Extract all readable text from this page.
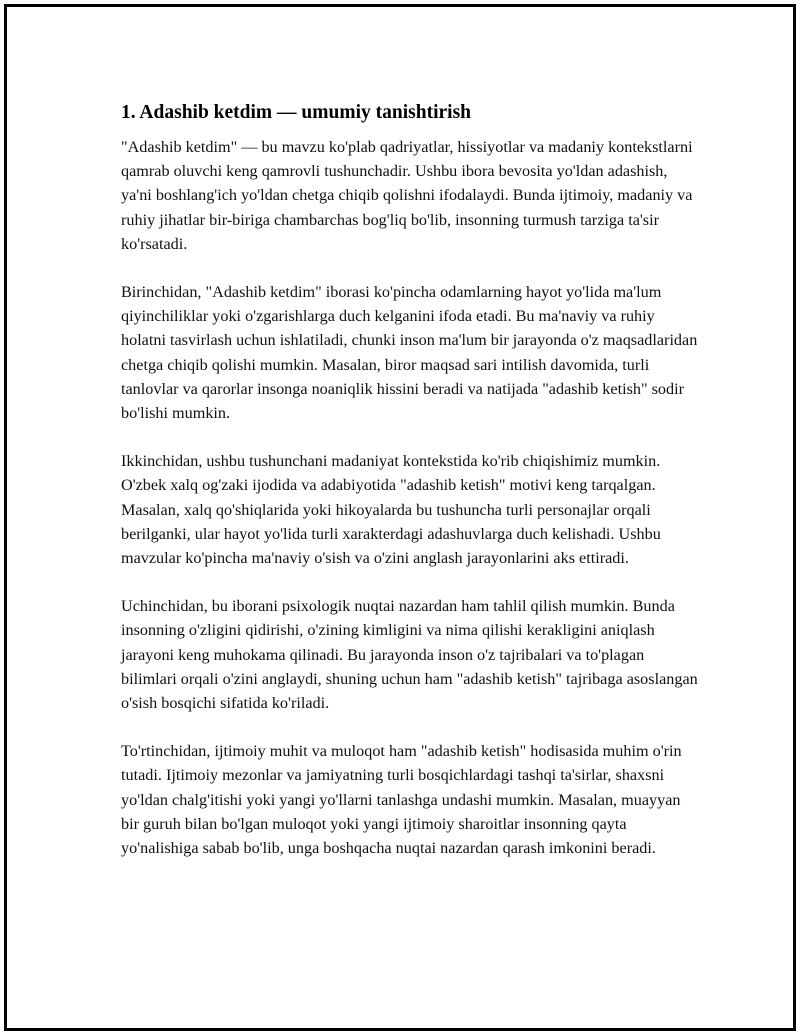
1. Adashib ketdim — umumiy tanishtirish

"Adashib ketdim" — bu mavzu ko'plab qadriyatlar, hissiyotlar va madaniy kontekstlarni qamrab oluvchi keng qamrovli tushunchadir. Ushbu ibora bevosita yo'ldan adashish, ya'ni boshlang'ich yo'ldan chetga chiqib qolishni ifodalaydi. Bunda ijtimoiy, madaniy va ruhiy jihatlar bir-biriga chambarchas bog'liq bo'lib, insonning turmush tarziga ta'sir ko'rsatadi.

Birinchidan, "Adashib ketdim" iborasi ko'pincha odamlarning hayot yo'lida ma'lum qiyinchiliklar yoki o'zgarishlarga duch kelganini ifoda etadi. Bu ma'naviy va ruhiy holatni tasvirlash uchun ishlatiladi, chunki inson ma'lum bir jarayonda o'z maqsadlaridan chetga chiqib qolishi mumkin. Masalan, biror maqsad sari intilish davomida, turli tanlovlar va qarorlar insonga noaniqlik hissini beradi va natijada "adashib ketish" sodir bo'lishi mumkin.

Ikkinchidan, ushbu tushunchani madaniyat kontekstida ko'rib chiqishimiz mumkin. O'zbek xalq og'zaki ijodida va adabiyotida "adashib ketish" motivi keng tarqalgan. Masalan, xalq qo'shiqlarida yoki hikoyalarda bu tushuncha turli personajlar orqali berilganki, ular hayot yo'lida turli xarakterdagi adashuvlarga duch kelishadi. Ushbu mavzular ko'pincha ma'naviy o'sish va o'zini anglash jarayonlarini aks ettiradi.

Uchinchidan, bu iborani psixologik nuqtai nazardan ham tahlil qilish mumkin. Bunda insonning o'zligini qidirishi, o'zining kimligini va nima qilishi kerakligini aniqlash jarayoni keng muhokama qilinadi. Bu jarayonda inson o'z tajribalari va to'plagan bilimlari orqali o'zini anglaydi, shuning uchun ham "adashib ketish" tajribaga asoslangan o'sish bosqichi sifatida ko'riladi.

To'rtinchidan, ijtimoiy muhit va muloqot ham "adashib ketish" hodisasida muhim o'rin tutadi. Ijtimoiy mezonlar va jamiyatning turli bosqichlardagi tashqi ta'sirlar, shaxsni yo'ldan chalg'itishi yoki yangi yo'llarni tanlashga undashi mumkin. Masalan, muayyan bir guruh bilan bo'lgan muloqot yoki yangi ijtimoiy sharoitlar insonning qayta yo'nalishiga sabab bo'lib, unga boshqacha nuqtai nazardan qarash imkonini beradi.
